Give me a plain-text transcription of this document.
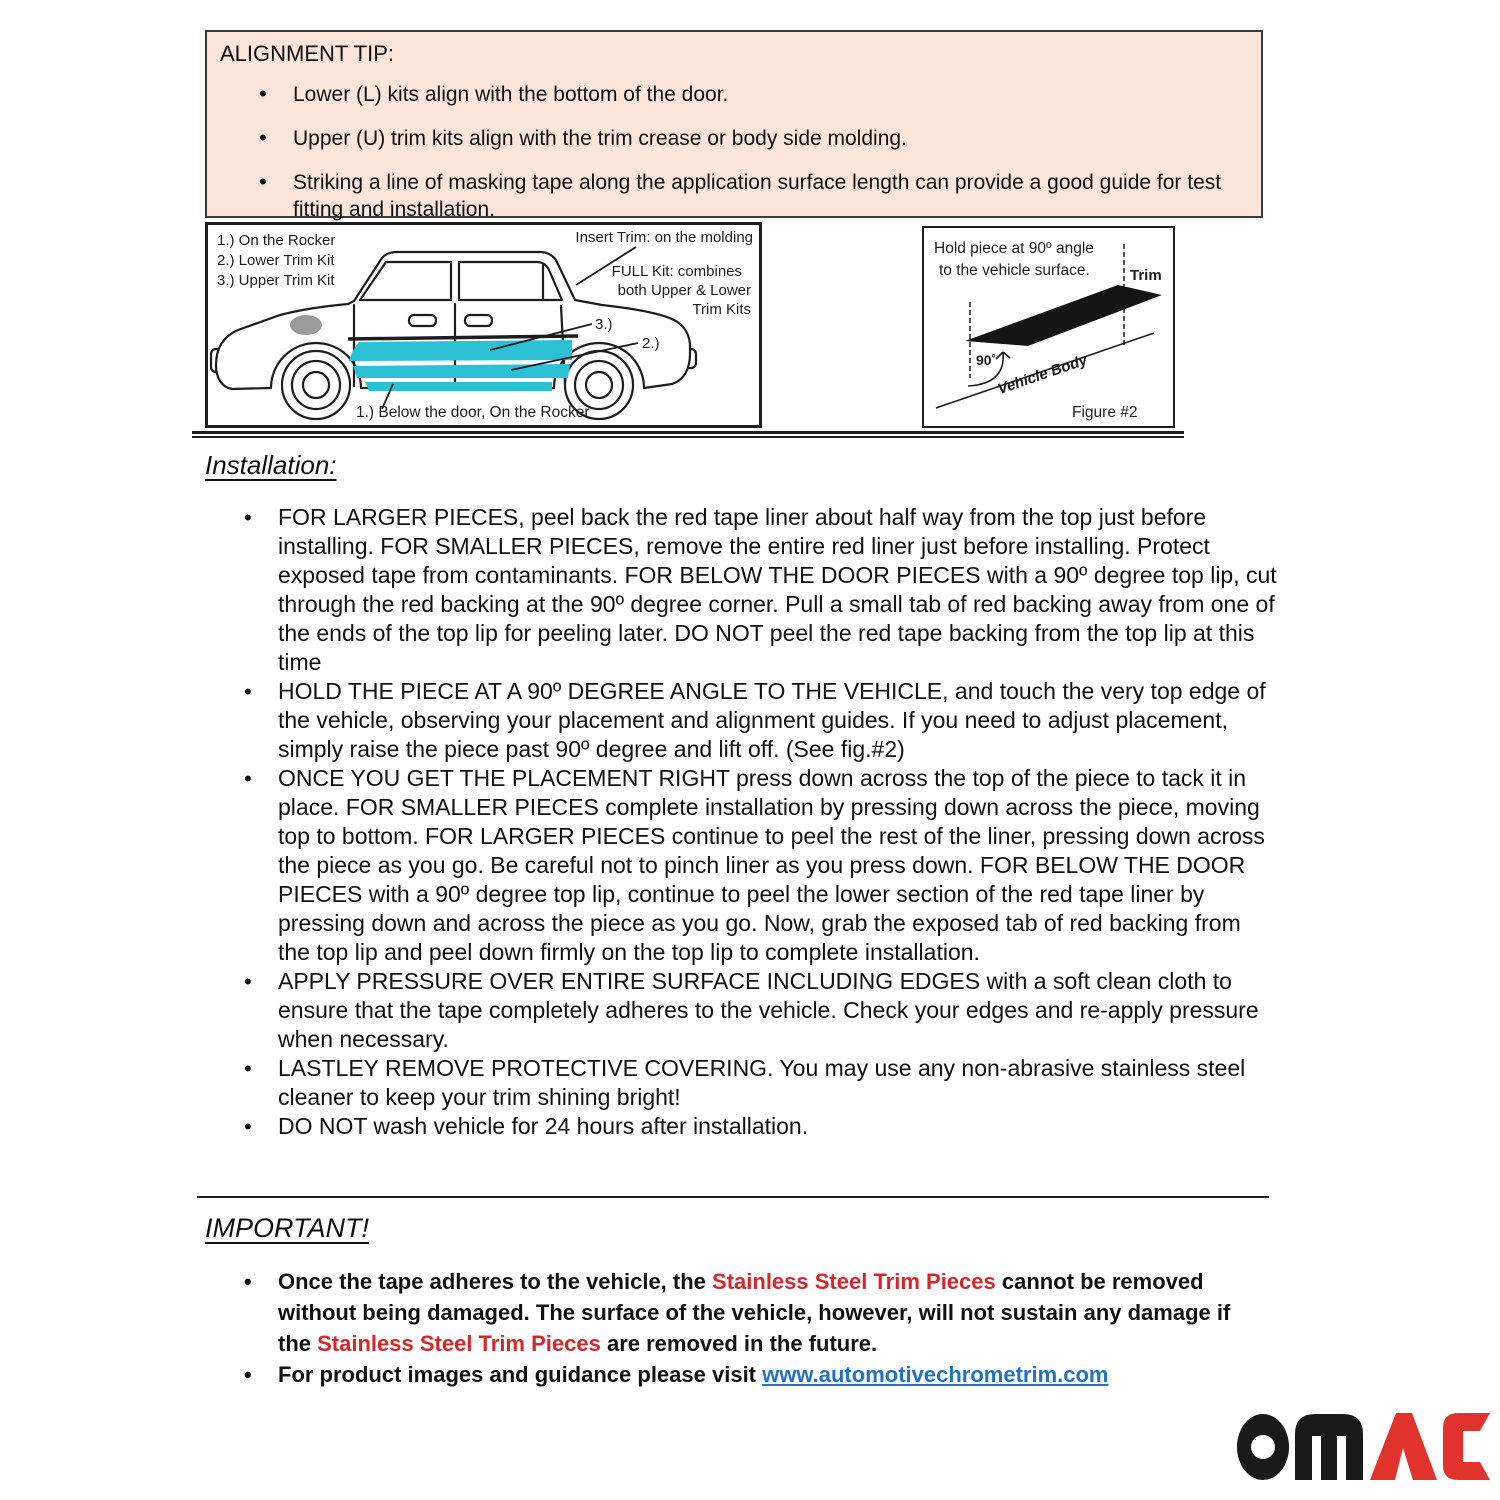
ALIGNMENT TIP:
• Lower (L) kits align with the bottom of the door.
• Upper (U) trim kits align with the trim crease or body side molding.
• Striking a line of masking tape along the application surface length can provide a good guide for test fitting and installation.
1.) On the Rocker
2.) Lower Trim Kit
3.) Upper Trim Kit
Insert Trim: on the molding
FULL Kit: combines
both Upper & Lower
Trim Kits
3.)
2.)
1.) Below the door, On the Rocker
Hold piece at 90º angle
to the vehicle surface.	Trim
90˚ Vehicle Body
Figure #2
Installation:
• FOR LARGER PIECES, peel back the red tape liner about half way from the top just before installing. FOR SMALLER PIECES, remove the entire red liner just before installing. Protect exposed tape from contaminants. FOR BELOW THE DOOR PIECES with a 90º degree top lip, cut through the red backing at the 90º degree corner. Pull a small tab of red backing away from one of the ends of the top lip for peeling later. DO NOT peel the red tape backing from the top lip at this time
• HOLD THE PIECE AT A 90º DEGREE ANGLE TO THE VEHICLE, and touch the very top edge of the vehicle, observing your placement and alignment guides. If you need to adjust placement, simply raise the piece past 90º degree and lift off. (See fig.#2)
• ONCE YOU GET THE PLACEMENT RIGHT press down across the top of the piece to tack it in place. FOR SMALLER PIECES complete installation by pressing down across the piece, moving top to bottom. FOR LARGER PIECES continue to peel the rest of the liner, pressing down across the piece as you go. Be careful not to pinch liner as you press down. FOR BELOW THE DOOR PIECES with a 90º degree top lip, continue to peel the lower section of the red tape liner by pressing down and across the piece as you go. Now, grab the exposed tab of red backing from the top lip and peel down firmly on the top lip to complete installation.
• APPLY PRESSURE OVER ENTIRE SURFACE INCLUDING EDGES with a soft clean cloth to ensure that the tape completely adheres to the vehicle. Check your edges and re-apply pressure when necessary.
• LASTLEY REMOVE PROTECTIVE COVERING. You may use any non-abrasive stainless steel cleaner to keep your trim shining bright!
• DO NOT wash vehicle for 24 hours after installation.
IMPORTANT!
• Once the tape adheres to the vehicle, the Stainless Steel Trim Pieces cannot be removed without being damaged. The surface of the vehicle, however, will not sustain any damage if the Stainless Steel Trim Pieces are removed in the future.
• For product images and guidance please visit www.automotivechrometrim.com
